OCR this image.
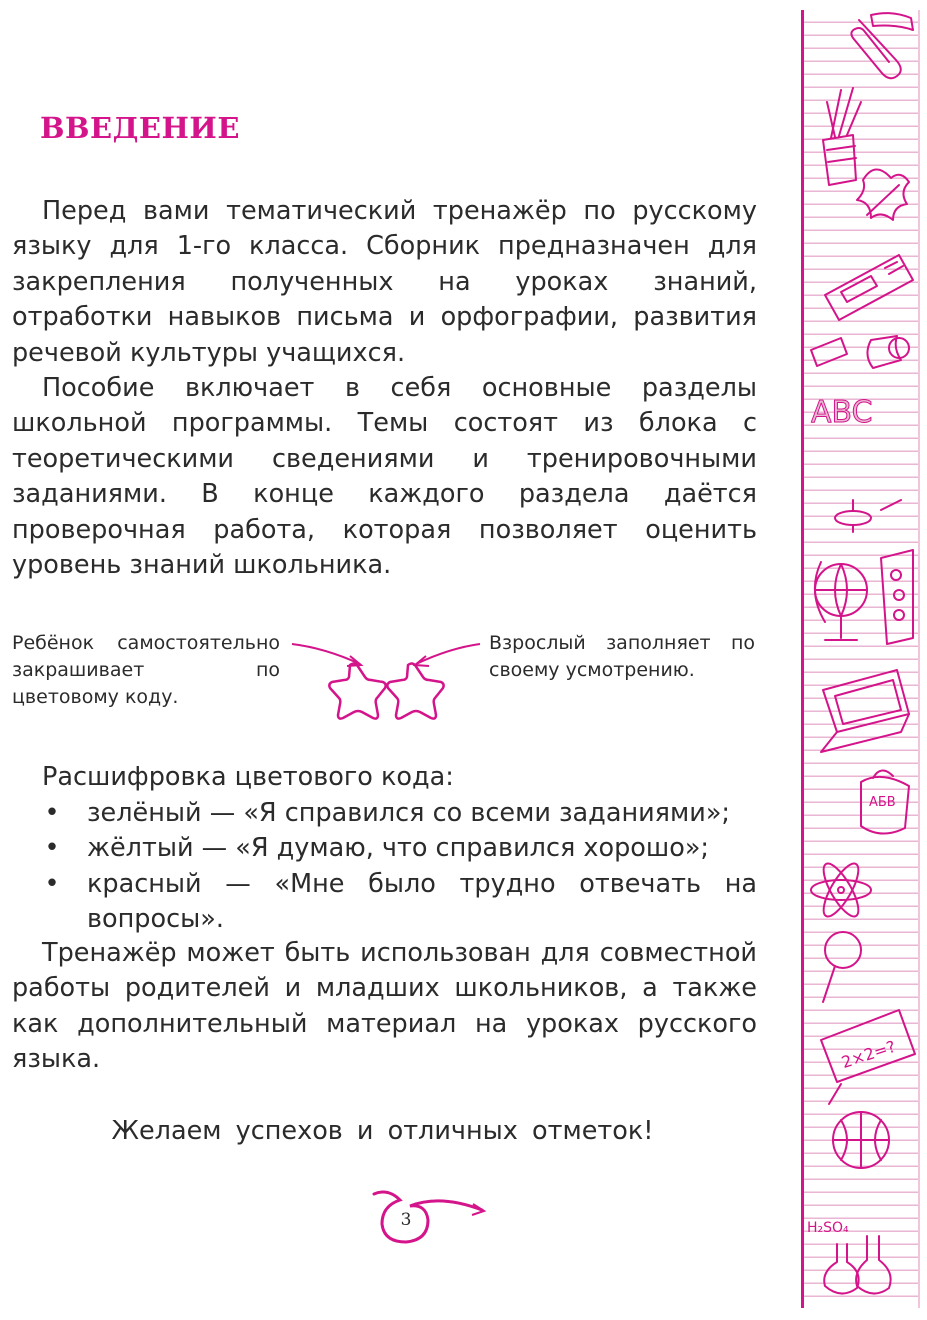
ВВЕДЕНИЕ

Перед вами тематический тренажёр по русскому языку для 1-го класса. Сборник предназначен для закрепления полученных на уроках знаний, отработки навыков письма и орфографии, развития речевой культуры учащихся.

Пособие включает в себя основные разделы школьной программы. Темы состоят из блока с теоретическими сведениями и тренировочными заданиями. В конце каждого раздела даётся проверочная работа, которая позволяет оценить уровень знаний школьника.

Ребёнок самостоятельно закрашивает по цветовому коду.

Взрослый заполняет по своему усмотрению.

Расшифровка цветового кода:

• зелёный — «Я справился со всеми заданиями»;
• жёлтый — «Я думаю, что справился хорошо»;
• красный — «Мне было трудно отвечать на вопросы».

Тренажёр может быть использован для совместной работы родителей и младших школьников, а также как дополнительный материал на уроках русского языка.

Желаем успехов и отличных отметок!

3
ABC
AБВ
2×2=?
H₂SO₄
